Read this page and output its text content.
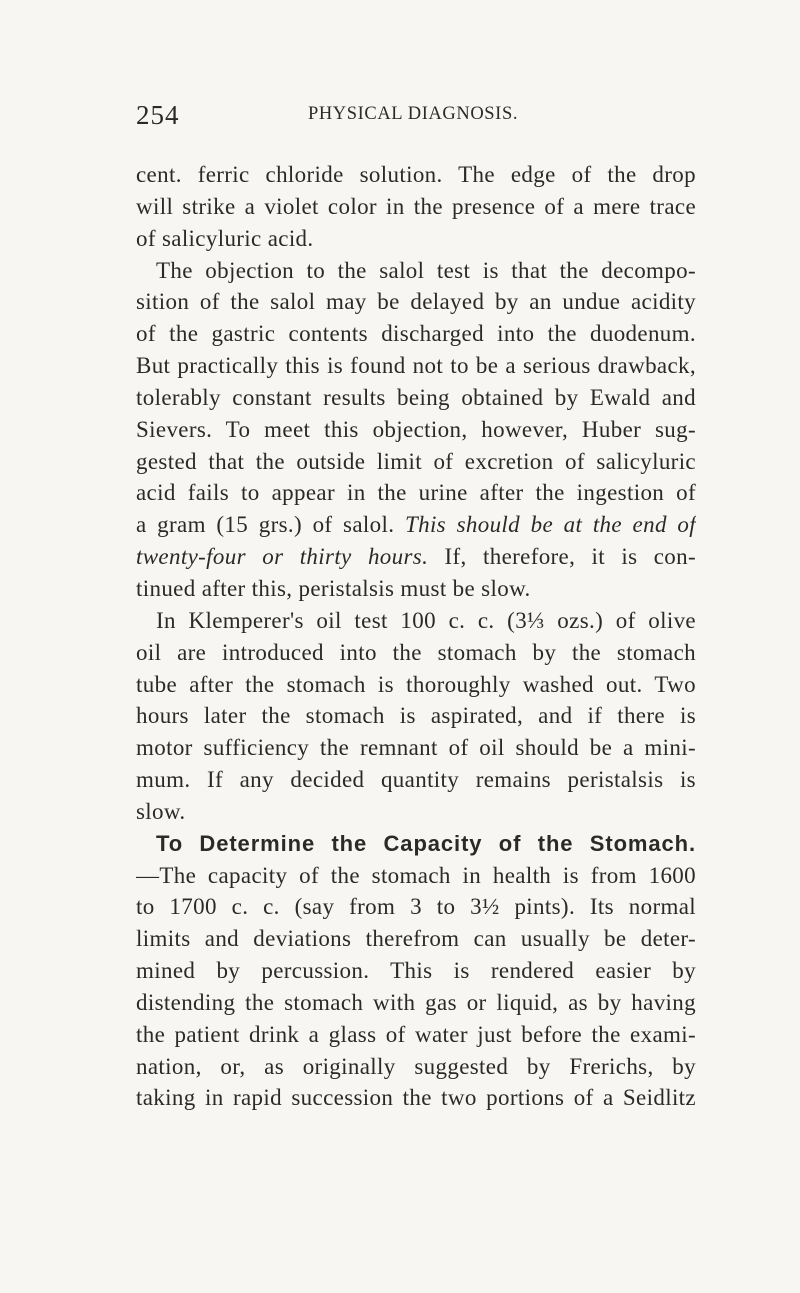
254	PHYSICAL DIAGNOSIS.
cent. ferric chloride solution. The edge of the drop
will strike a violet color in the presence of a mere trace
of salicyluric acid.
The objection to the salol test is that the decompo-
sition of the salol may be delayed by an undue acidity
of the gastric contents discharged into the duodenum.
But practically this is found not to be a serious drawback,
tolerably constant results being obtained by Ewald and
Sievers. To meet this objection, however, Huber sug-
gested that the outside limit of excretion of salicyluric
acid fails to appear in the urine after the ingestion of
a gram (15 grs.) of salol. This should be at the end of
twenty-four or thirty hours. If, therefore, it is con-
tinued after this, peristalsis must be slow.
In Klemperer's oil test 100 c. c. (3⅓ ozs.) of olive
oil are introduced into the stomach by the stomach
tube after the stomach is thoroughly washed out. Two
hours later the stomach is aspirated, and if there is
motor sufficiency the remnant of oil should be a mini-
mum. If any decided quantity remains peristalsis is
slow.
To Determine the Capacity of the Stomach.
—The capacity of the stomach in health is from 1600
to 1700 c. c. (say from 3 to 3½ pints). Its normal
limits and deviations therefrom can usually be deter-
mined by percussion. This is rendered easier by
distending the stomach with gas or liquid, as by having
the patient drink a glass of water just before the exami-
nation, or, as originally suggested by Frerichs, by
taking in rapid succession the two portions of a Seidlitz
